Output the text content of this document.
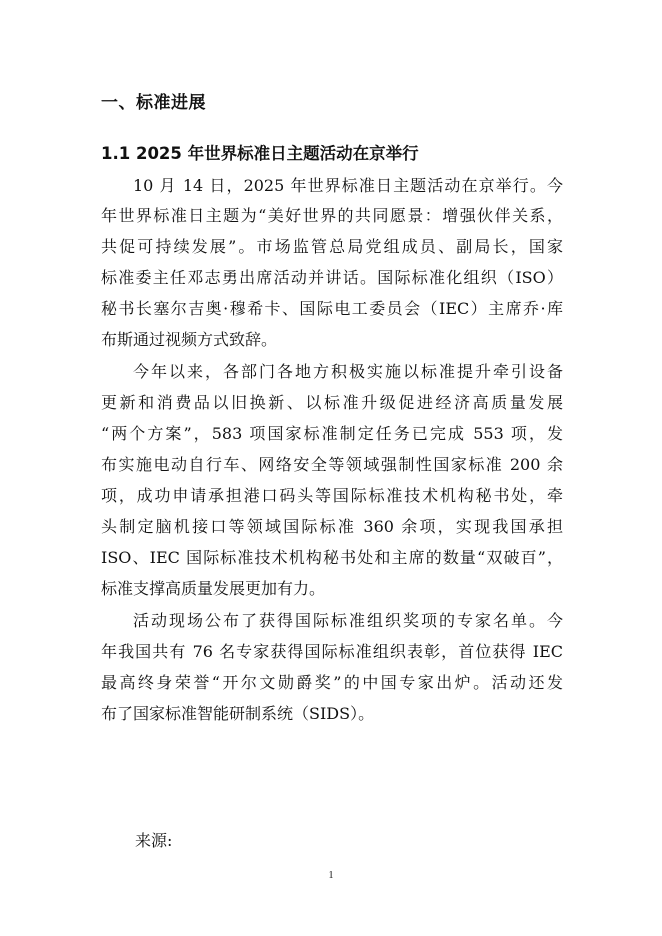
一、标准进展
1.1 2025 年世界标准日主题活动在京举行
10 月 14 日，2025 年世界标准日主题活动在京举行。今
年世界标准日主题为“美好世界的共同愿景：增强伙伴关系，
共促可持续发展”。市场监管总局党组成员、副局长，国家
标准委主任邓志勇出席活动并讲话。国际标准化组织（ISO）
秘书长塞尔吉奥·穆希卡、国际电工委员会（IEC）主席乔·库
布斯通过视频方式致辞。
今年以来，各部门各地方积极实施以标准提升牵引设备
更新和消费品以旧换新、以标准升级促进经济高质量发展
“两个方案”，583 项国家标准制定任务已完成 553 项，发
布实施电动自行车、网络安全等领域强制性国家标准 200 余
项，成功申请承担港口码头等国际标准技术机构秘书处，牵
头制定脑机接口等领域国际标准 360 余项，实现我国承担
ISO、IEC 国际标准技术机构秘书处和主席的数量“双破百”，
标准支撑高质量发展更加有力。
活动现场公布了获得国际标准组织奖项的专家名单。今
年我国共有 76 名专家获得国际标准组织表彰，首位获得 IEC
最高终身荣誉“开尔文勋爵奖”的中国专家出炉。活动还发
布了国家标准智能研制系统（SIDS）。
来源:
1
